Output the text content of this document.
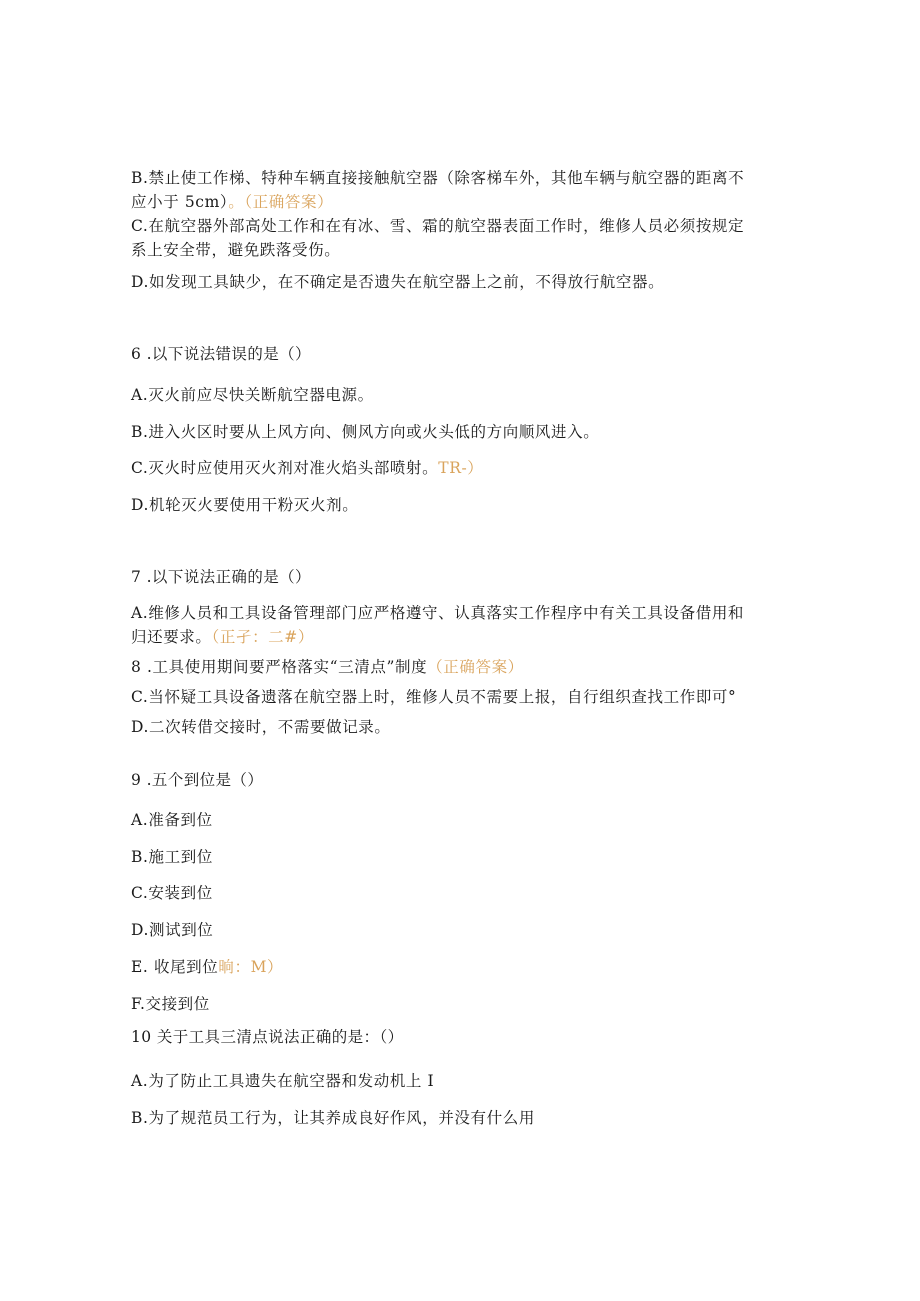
B.禁止使工作梯、特种车辆直接接触航空器（除客梯车外，其他车辆与航空器的距离不
应小于 5cm）。（正确答案）
C.在航空器外部高处工作和在有冰、雪、霜的航空器表面工作时，维修人员必须按规定
系上安全带，避免跌落受伤。
D.如发现工具缺少，在不确定是否遗失在航空器上之前，不得放行航空器。
6 .以下说法错误的是（）
A.灭火前应尽快关断航空器电源。
B.进入火区时要从上风方向、侧风方向或火头低的方向顺风进入。
C.灭火时应使用灭火剂对准火焰头部喷射。TR-）
D.机轮灭火要使用干粉灭火剂。
7 .以下说法正确的是（）
A.维修人员和工具设备管理部门应严格遵守、认真落实工作程序中有关工具设备借用和
归还要求。（正孑：二#）
8 .工具使用期间要严格落实“三清点”制度（正确答案）
C.当怀疑工具设备遗落在航空器上时，维修人员不需要上报，自行组织查找工作即可°
D.二次转借交接时，不需要做记录。
9 .五个到位是（）
A.准备到位
B.施工到位
C.安装到位
D.测试到位
E. 收尾到位晌：M）
F.交接到位
10 关于工具三清点说法正确的是：（）
A.为了防止工具遗失在航空器和发动机上 I
B.为了规范员工行为，让其养成良好作风，并没有什么用
